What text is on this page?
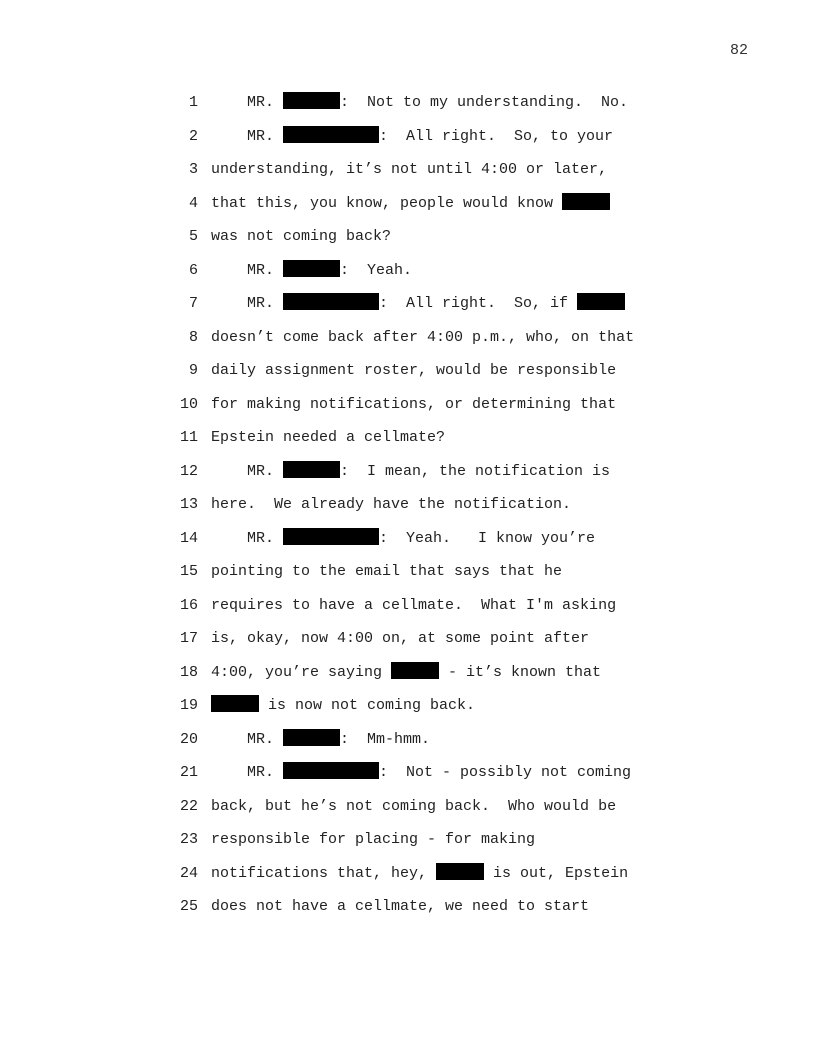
82
1 MR.	:  Not to my understanding.  No.
2 MR.	:  All right.  So, to your
3 understanding, it’s not until 4:00 or later,
4 that this, you know, people would know
5 was not coming back?
6 MR.	:  Yeah.
7 MR.	:  All right.  So, if
8 doesn’t come back after 4:00 p.m., who, on that
9 daily assignment roster, would be responsible
10 for making notifications, or determining that
11 Epstein needed a cellmate?
12 MR.	:  I mean, the notification is
13 here.  We already have the notification.
14 MR.	:  Yeah.   I know you’re
15 pointing to the email that says that he
16 requires to have a cellmate.  What I'm asking
17 is, okay, now 4:00 on, at some point after
18 4:00, you’re saying	- it’s known that
19	is now not coming back.
20 MR.	:  Mm-hmm.
21 MR.	:  Not - possibly not coming
22 back, but he’s not coming back.  Who would be
23 responsible for placing - for making
24 notifications that, hey,	is out, Epstein
25 does not have a cellmate, we need to start
